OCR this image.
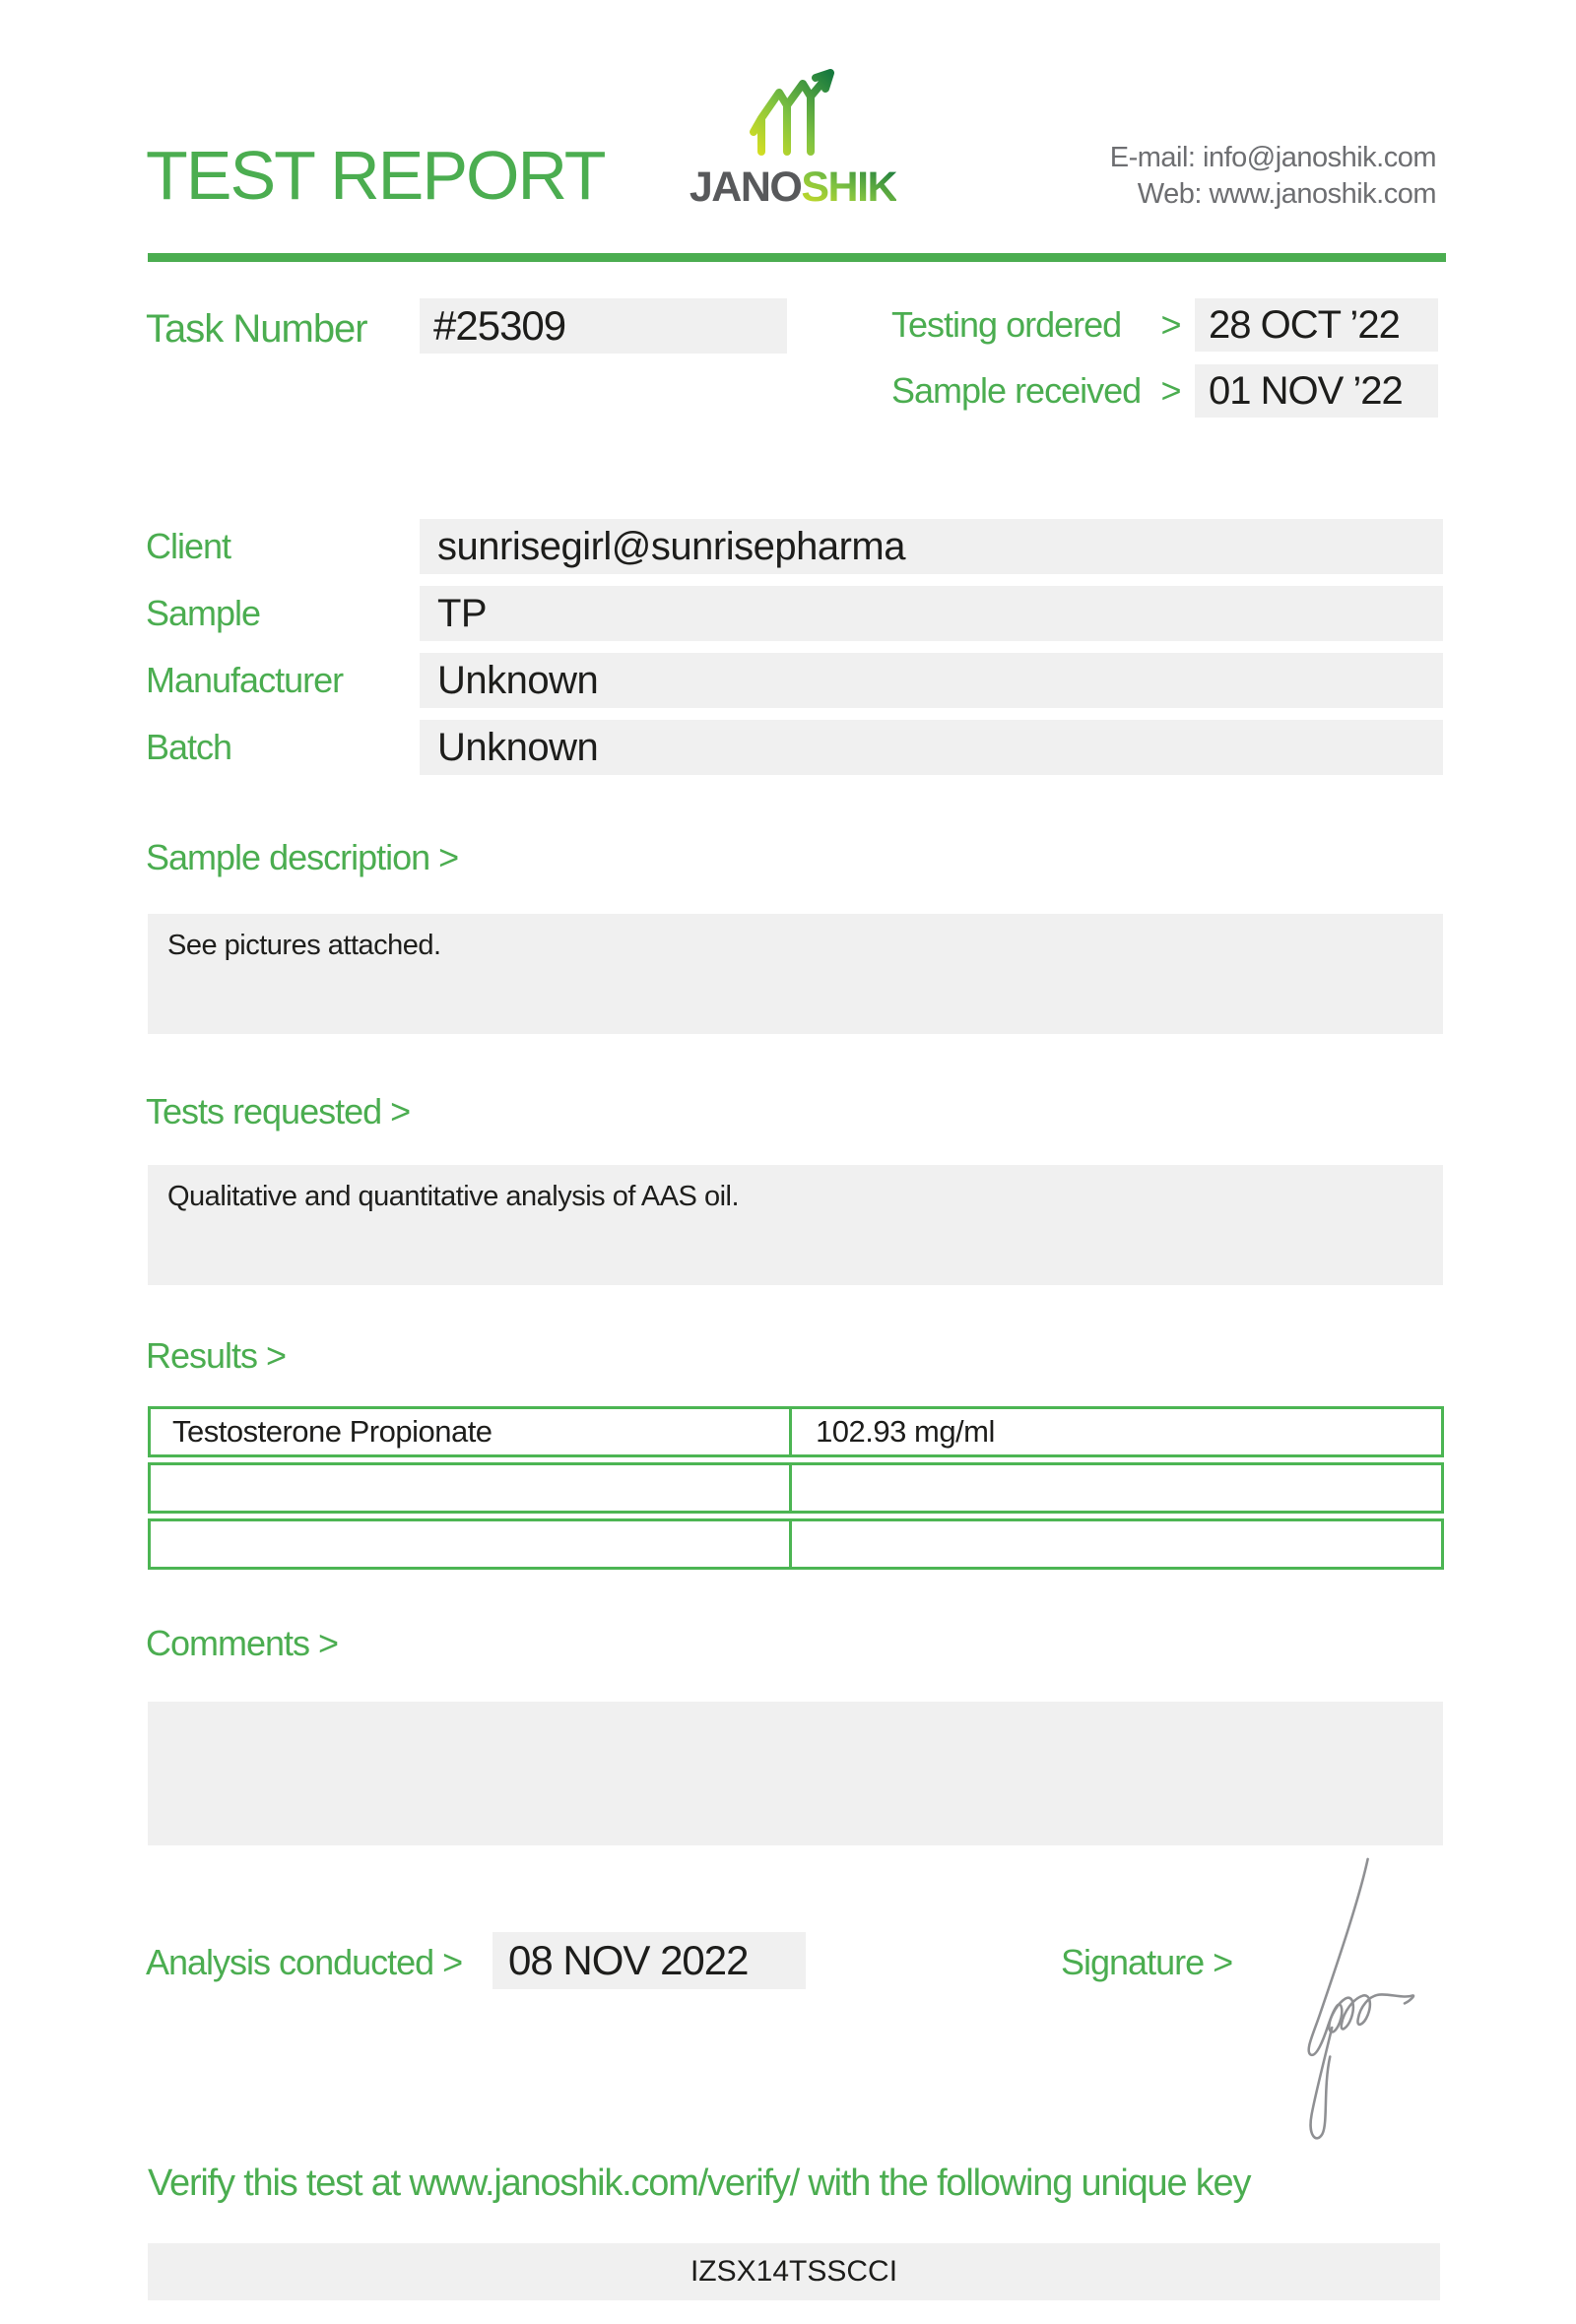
TEST REPORT JANOSHIK
E-mail: info@janoshik.com
Web: www.janoshik.com
Task Number	#25309	Testing ordered > 28 OCT ’22
Sample received > 01 NOV ’22
Client	sunrisegirl@sunrisepharma
Sample	TP
Manufacturer	Unknown
Batch	Unknown
Sample description >
See pictures attached.
Tests requested >
Qualitative and quantitative analysis of AAS oil.
Results >
Testosterone Propionate	102.93 mg/ml
Comments >
Analysis conducted >	08 NOV 2022	Signature >
Verify this test at www.janoshik.com/verify/ with the following unique key
IZSX14TSSCCI
